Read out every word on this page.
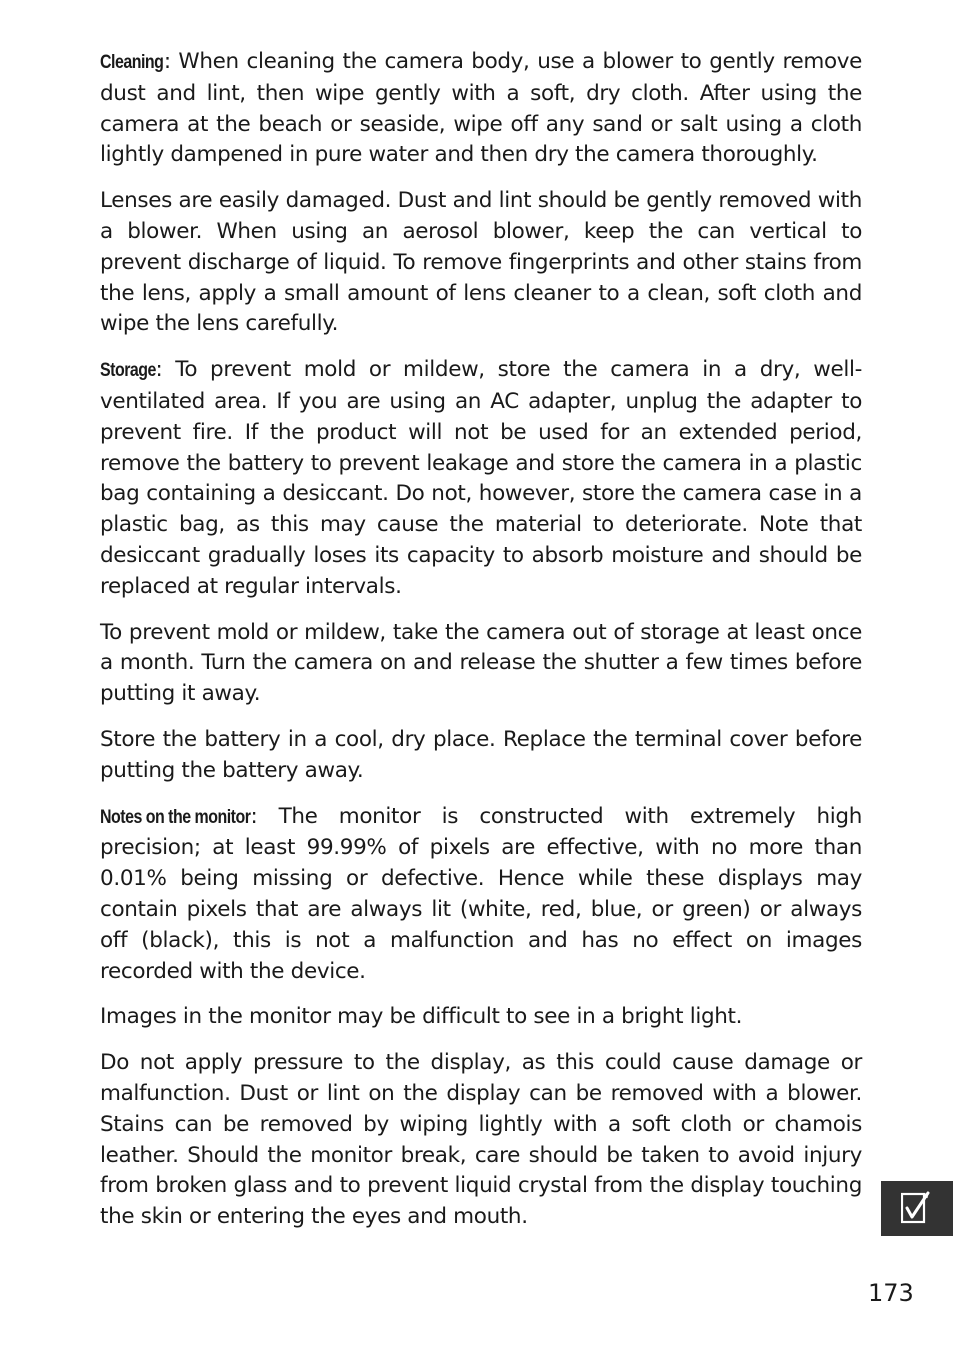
Cleaning: When cleaning the camera body, use a blower to gently remove dust and lint, then wipe gently with a soft, dry cloth. After using the camera at the beach or seaside, wipe off any sand or salt using a cloth lightly dampened in pure water and then dry the camera thoroughly.

Lenses are easily damaged. Dust and lint should be gently removed with a blower. When using an aerosol blower, keep the can vertical to prevent discharge of liquid. To remove fingerprints and other stains from the lens, apply a small amount of lens cleaner to a clean, soft cloth and wipe the lens carefully.

Storage: To prevent mold or mildew, store the camera in a dry, well-ventilated area. If you are using an AC adapter, unplug the adapter to prevent fire. If the product will not be used for an extended period, remove the battery to prevent leakage and store the camera in a plastic bag containing a desiccant. Do not, however, store the camera case in a plastic bag, as this may cause the material to deteriorate. Note that desiccant gradually loses its capacity to absorb moisture and should be replaced at regular intervals.

To prevent mold or mildew, take the camera out of storage at least once a month. Turn the camera on and release the shutter a few times before putting it away.

Store the battery in a cool, dry place. Replace the terminal cover before putting the battery away.

Notes on the monitor: The monitor is constructed with extremely high precision; at least 99.99% of pixels are effective, with no more than 0.01% being missing or defective. Hence while these displays may contain pixels that are always lit (white, red, blue, or green) or always off (black), this is not a malfunction and has no effect on images recorded with the device.

Images in the monitor may be difficult to see in a bright light.

Do not apply pressure to the display, as this could cause damage or malfunction. Dust or lint on the display can be removed with a blower. Stains can be removed by wiping lightly with a soft cloth or chamois leather. Should the monitor break, care should be taken to avoid injury from broken glass and to prevent liquid crystal from the display touching the skin or entering the eyes and mouth.

173
